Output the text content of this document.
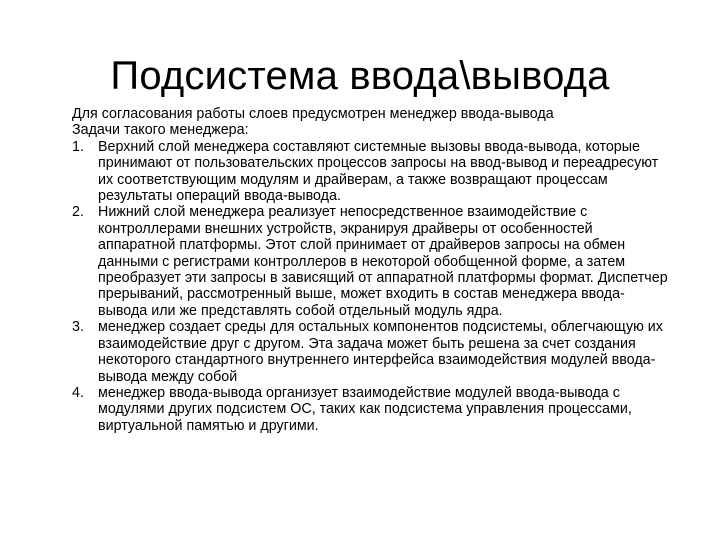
Подсистема ввода\вывода

Для согласования работы слоев предусмотрен менеджер ввода-вывода

Задачи такого менеджера:

1. Верхний слой менеджера составляют системные вызовы ввода-вывода, которые принимают от пользовательских процессов запросы на ввод-вывод и переадресуют их соответствующим модулям и драйверам, а также возвращают процессам результаты операций ввода-вывода.
2. Нижний слой менеджера реализует непосредственное взаимодействие с контроллерами внешних устройств, экранируя драйверы от особенностей аппаратной платформы. Этот слой принимает от драйверов запросы на обмен данными с регистрами контроллеров в некоторой обобщенной форме, а затем преобразует эти запросы в зависящий от аппаратной платформы формат. Диспетчер прерываний, рассмотренный выше, может входить в состав менеджера ввода-вывода или же представлять собой отдельный модуль ядра.
3. менеджер создает среды для остальных компонентов подсистемы, облегчающую их взаимодействие друг с другом. Эта задача может быть решена за счет создания некоторого стандартного внутреннего интерфейса взаимодействия модулей ввода-вывода между собой
4. менеджер ввода-вывода организует взаимодействие модулей ввода-вывода с модулями других подсистем ОС, таких как подсистема управления процессами, виртуальной памятью и другими.
